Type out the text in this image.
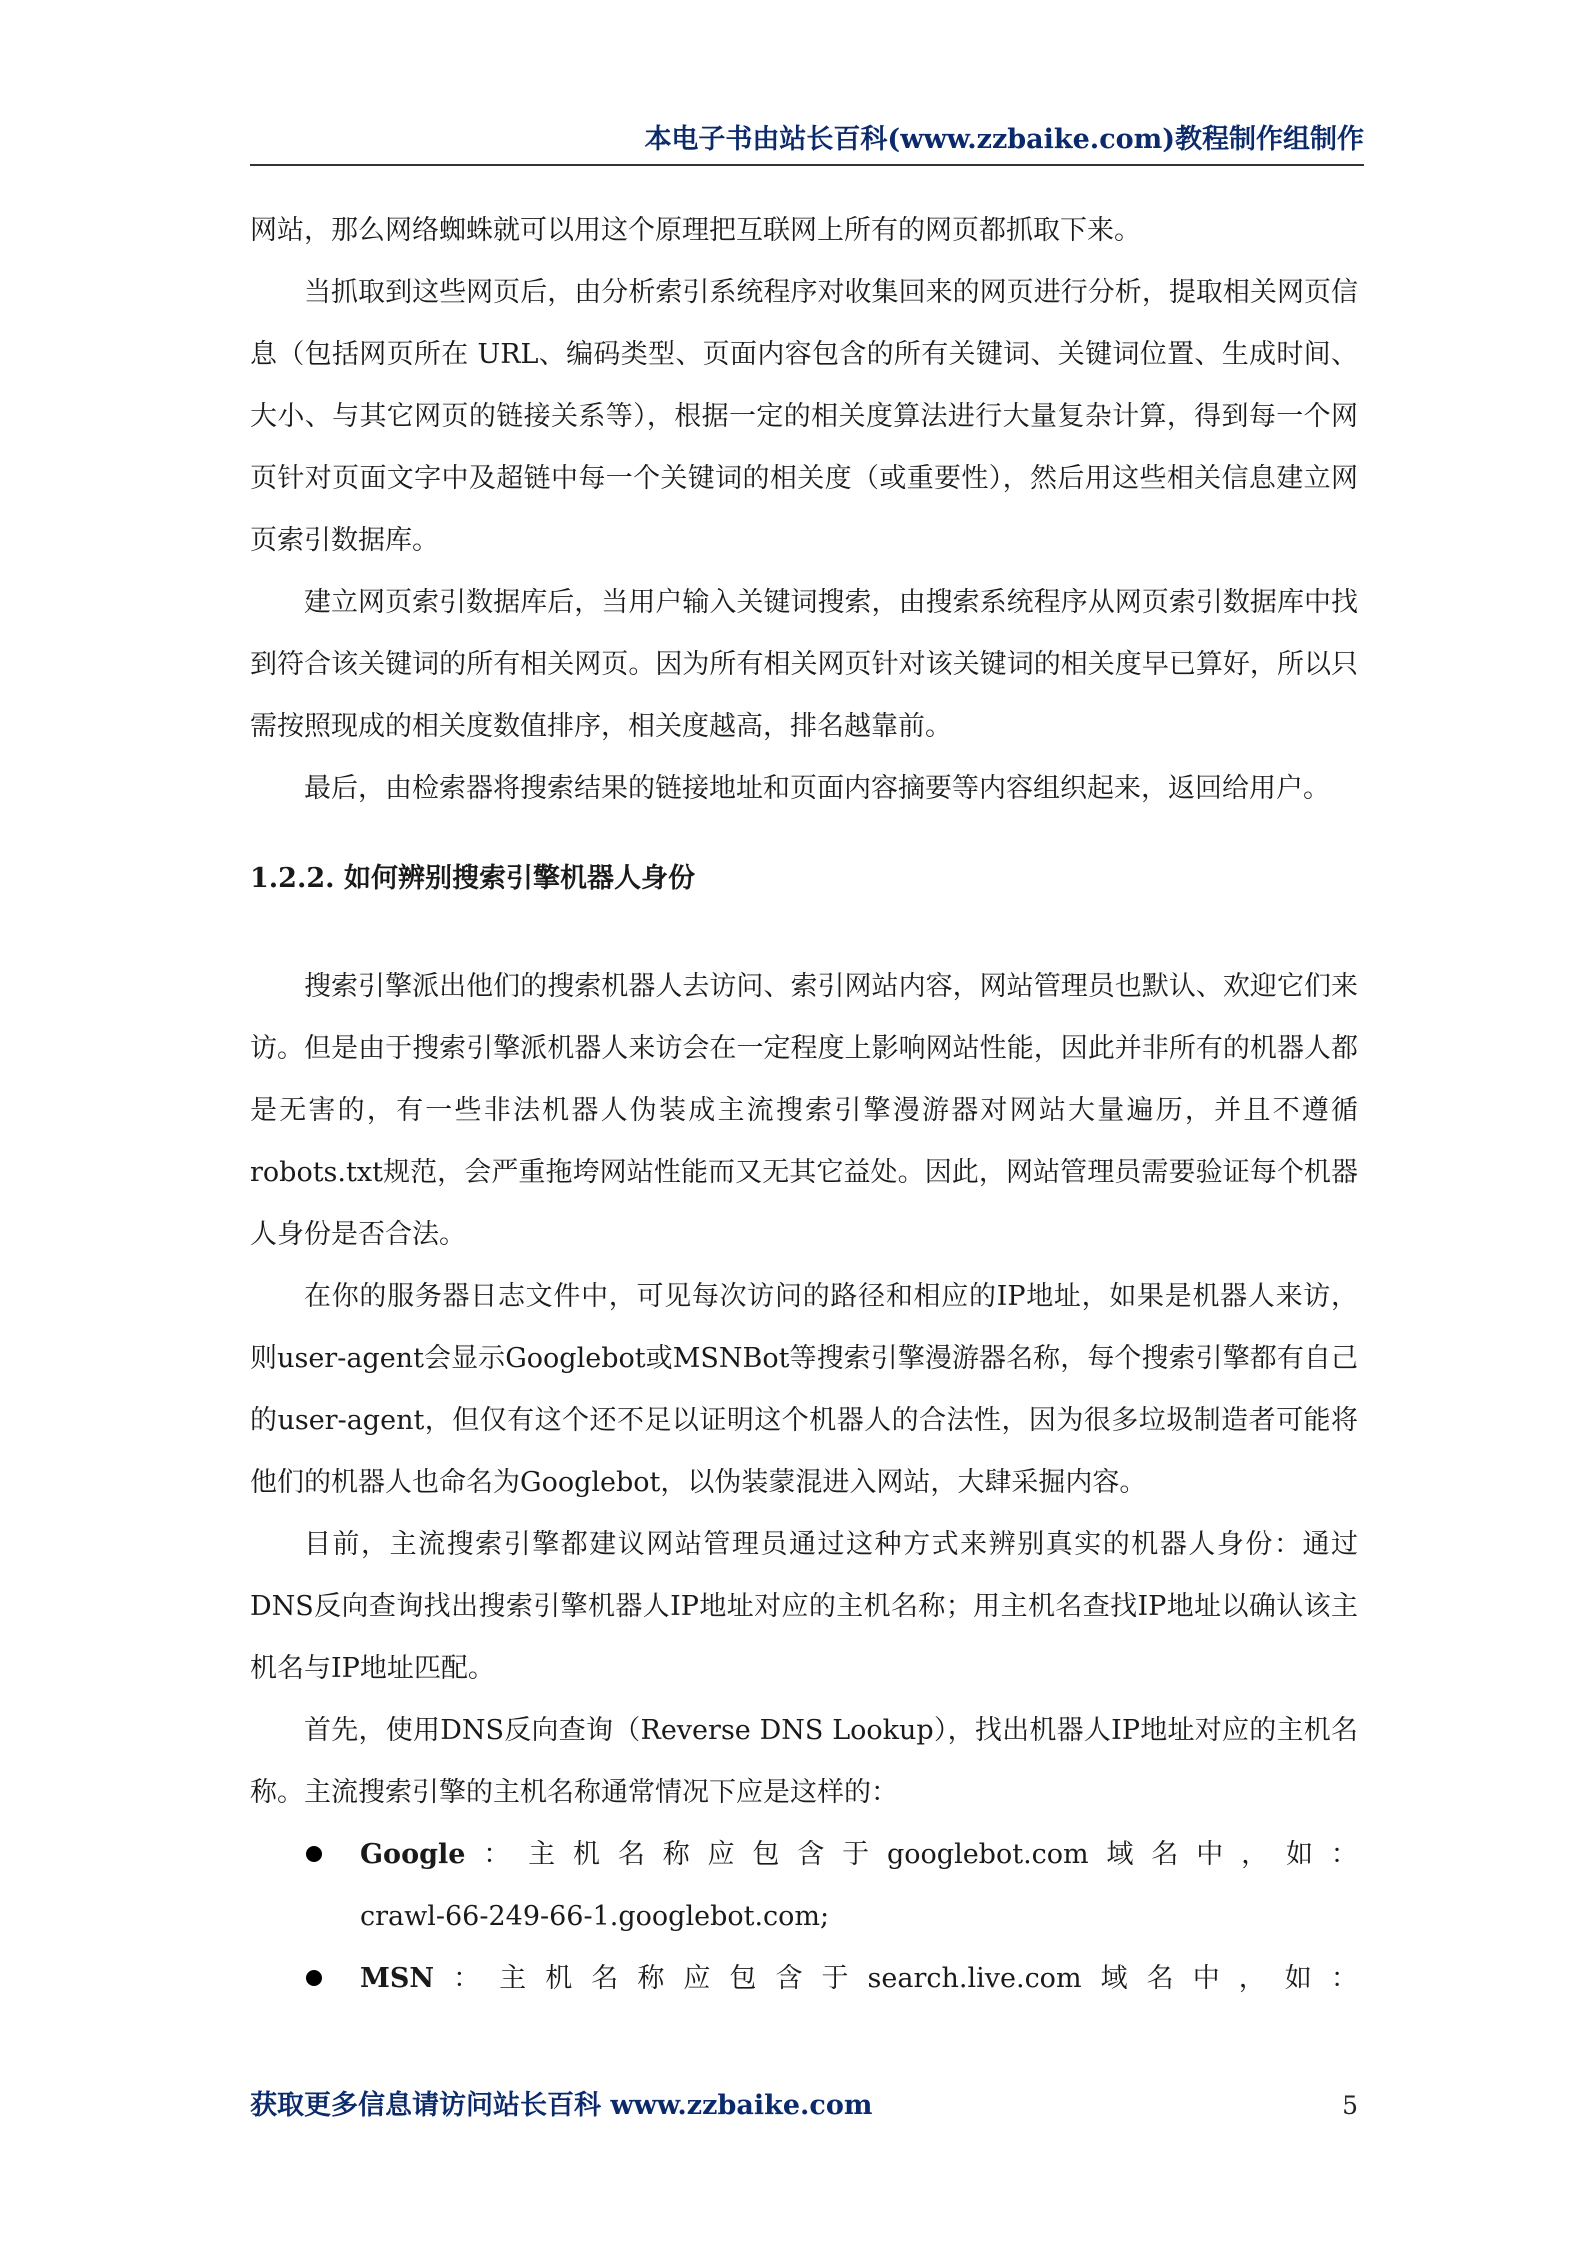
本电子书由站长百科(www.zzbaike.com)教程制作组制作

网站，那么网络蜘蛛就可以用这个原理把互联网上所有的网页都抓取下来。

当抓取到这些网页后，由分析索引系统程序对收集回来的网页进行分析，提取相关网页信息（包括网页所在 URL、编码类型、页面内容包含的所有关键词、关键词位置、生成时间、大小、与其它网页的链接关系等），根据一定的相关度算法进行大量复杂计算，得到每一个网页针对页面文字中及超链中每一个关键词的相关度（或重要性），然后用这些相关信息建立网页索引数据库。

建立网页索引数据库后，当用户输入关键词搜索，由搜索系统程序从网页索引数据库中找到符合该关键词的所有相关网页。因为所有相关网页针对该关键词的相关度早已算好，所以只需按照现成的相关度数值排序，相关度越高，排名越靠前。

最后，由检索器将搜索结果的链接地址和页面内容摘要等内容组织起来，返回给用户。

1.2.2. 如何辨别搜索引擎机器人身份

搜索引擎派出他们的搜索机器人去访问、索引网站内容，网站管理员也默认、欢迎它们来访。但是由于搜索引擎派机器人来访会在一定程度上影响网站性能，因此并非所有的机器人都是无害的，有一些非法机器人伪装成主流搜索引擎漫游器对网站大量遍历，并且不遵循robots.txt规范，会严重拖垮网站性能而又无其它益处。因此，网站管理员需要验证每个机器人身份是否合法。

在你的服务器日志文件中，可见每次访问的路径和相应的IP地址，如果是机器人来访，则user-agent会显示Googlebot或MSNBot等搜索引擎漫游器名称，每个搜索引擎都有自己的user-agent，但仅有这个还不足以证明这个机器人的合法性，因为很多垃圾制造者可能将他们的机器人也命名为Googlebot，以伪装蒙混进入网站，大肆采掘内容。

目前，主流搜索引擎都建议网站管理员通过这种方式来辨别真实的机器人身份：通过DNS反向查询找出搜索引擎机器人IP地址对应的主机名称；用主机名查找IP地址以确认该主机名与IP地址匹配。

首先，使用DNS反向查询（Reverse DNS Lookup），找出机器人IP地址对应的主机名称。主流搜索引擎的主机名称通常情况下应是这样的：

Google ： 主 机 名 称 应 包 含 于 googlebot.com 域 名 中 ， 如 ：
crawl-66-249-66-1.googlebot.com;
MSN ： 主 机 名 称 应 包 含 于 search.live.com 域 名 中 ， 如 ：
获取更多信息请访问站长百科 www.zzbaike.com	5
